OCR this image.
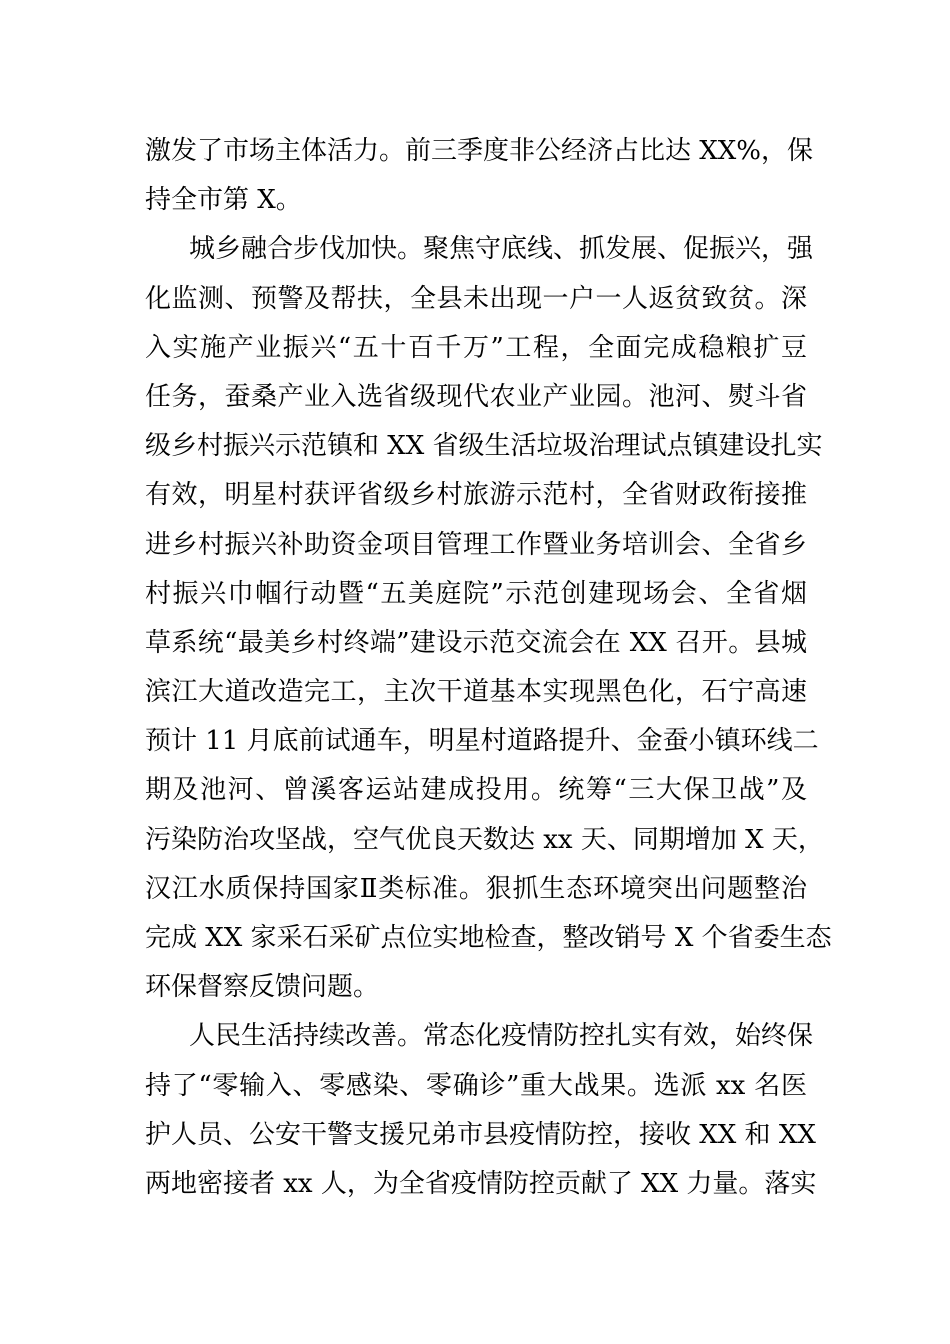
激发了市场主体活力。前三季度非公经济占比达 XX%，保
持全市第 X。
城乡融合步伐加快。聚焦守底线、抓发展、促振兴，强
化监测、预警及帮扶，全县未出现一户一人返贫致贫。深
入实施产业振兴“五十百千万”工程，全面完成稳粮扩豆
任务，蚕桑产业入选省级现代农业产业园。池河、熨斗省
级乡村振兴示范镇和 XX 省级生活垃圾治理试点镇建设扎实
有效，明星村获评省级乡村旅游示范村，全省财政衔接推
进乡村振兴补助资金项目管理工作暨业务培训会、全省乡
村振兴巾帼行动暨“五美庭院”示范创建现场会、全省烟
草系统“最美乡村终端”建设示范交流会在 XX 召开。县城
滨江大道改造完工，主次干道基本实现黑色化，石宁高速
预计 11 月底前试通车，明星村道路提升、金蚕小镇环线二
期及池河、曾溪客运站建成投用。统筹“三大保卫战”及
污染防治攻坚战，空气优良天数达 xx 天、同期增加 X 天，
汉江水质保持国家Ⅱ类标准。狠抓生态环境突出问题整治
完成 XX 家采石采矿点位实地检查，整改销号 X 个省委生态
环保督察反馈问题。
人民生活持续改善。常态化疫情防控扎实有效，始终保
持了“零输入、零感染、零确诊”重大战果。选派 xx 名医
护人员、公安干警支援兄弟市县疫情防控，接收 XX 和 XX
两地密接者 xx 人，为全省疫情防控贡献了 XX 力量。落实
